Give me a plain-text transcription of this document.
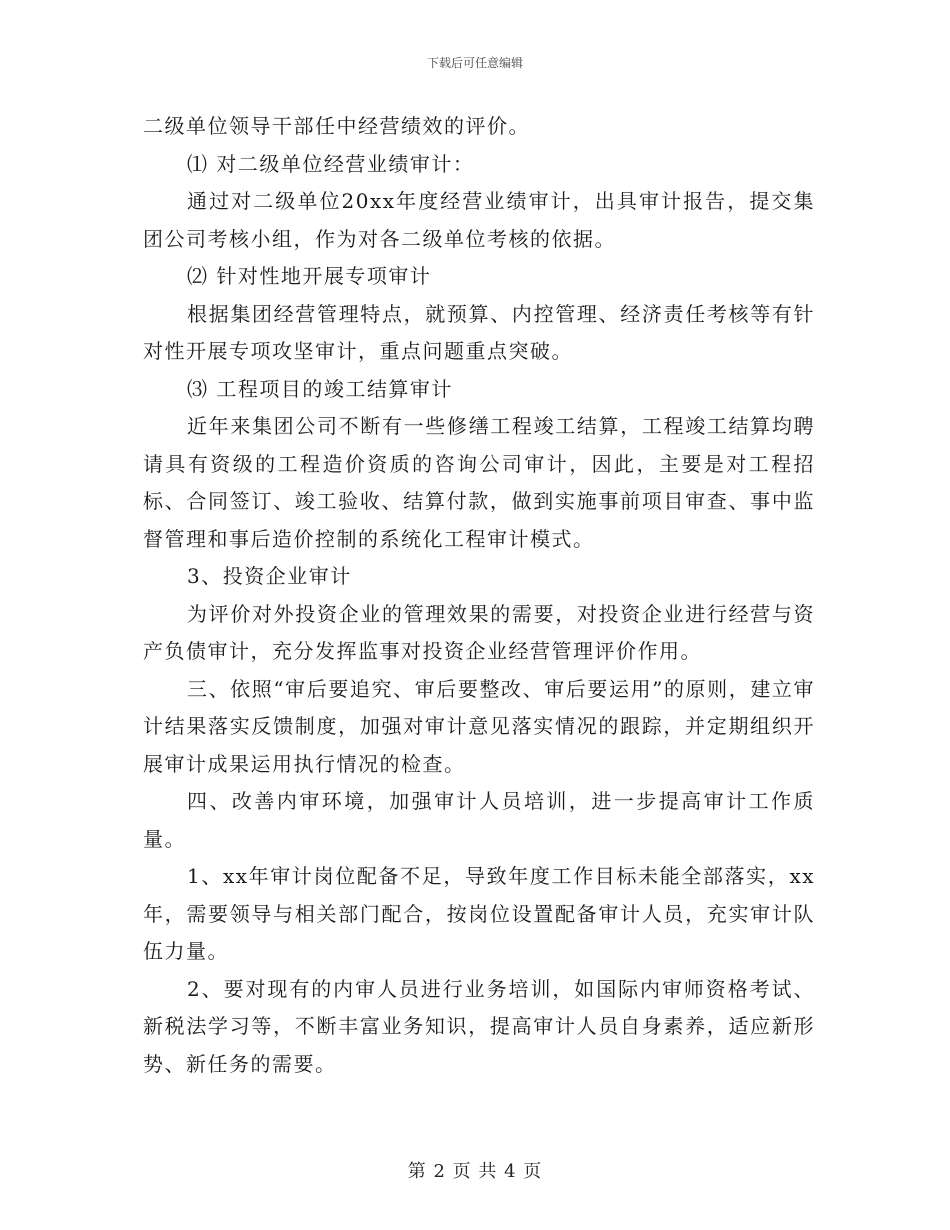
下载后可任意编辑

二级单位领导干部任中经营绩效的评价。

⑴ 对二级单位经营业绩审计：

通过对二级单位20xx年度经营业绩审计，出具审计报告，提交集团公司考核小组，作为对各二级单位考核的依据。

⑵ 针对性地开展专项审计

根据集团经营管理特点，就预算、内控管理、经济责任考核等有针对性开展专项攻坚审计，重点问题重点突破。

⑶ 工程项目的竣工结算审计

近年来集团公司不断有一些修缮工程竣工结算，工程竣工结算均聘请具有资级的工程造价资质的咨询公司审计，因此，主要是对工程招标、合同签订、竣工验收、结算付款，做到实施事前项目审查、事中监督管理和事后造价控制的系统化工程审计模式。

3、投资企业审计

为评价对外投资企业的管理效果的需要，对投资企业进行经营与资产负债审计，充分发挥监事对投资企业经营管理评价作用。

三、依照“审后要追究、审后要整改、审后要运用”的原则，建立审计结果落实反馈制度，加强对审计意见落实情况的跟踪，并定期组织开展审计成果运用执行情况的检查。

四、改善内审环境，加强审计人员培训，进一步提高审计工作质量。

1、xx年审计岗位配备不足，导致年度工作目标未能全部落实，xx年，需要领导与相关部门配合，按岗位设置配备审计人员，充实审计队伍力量。

2、要对现有的内审人员进行业务培训，如国际内审师资格考试、新税法学习等，不断丰富业务知识，提高审计人员自身素养，适应新形势、新任务的需要。

第 2 页 共 4 页
